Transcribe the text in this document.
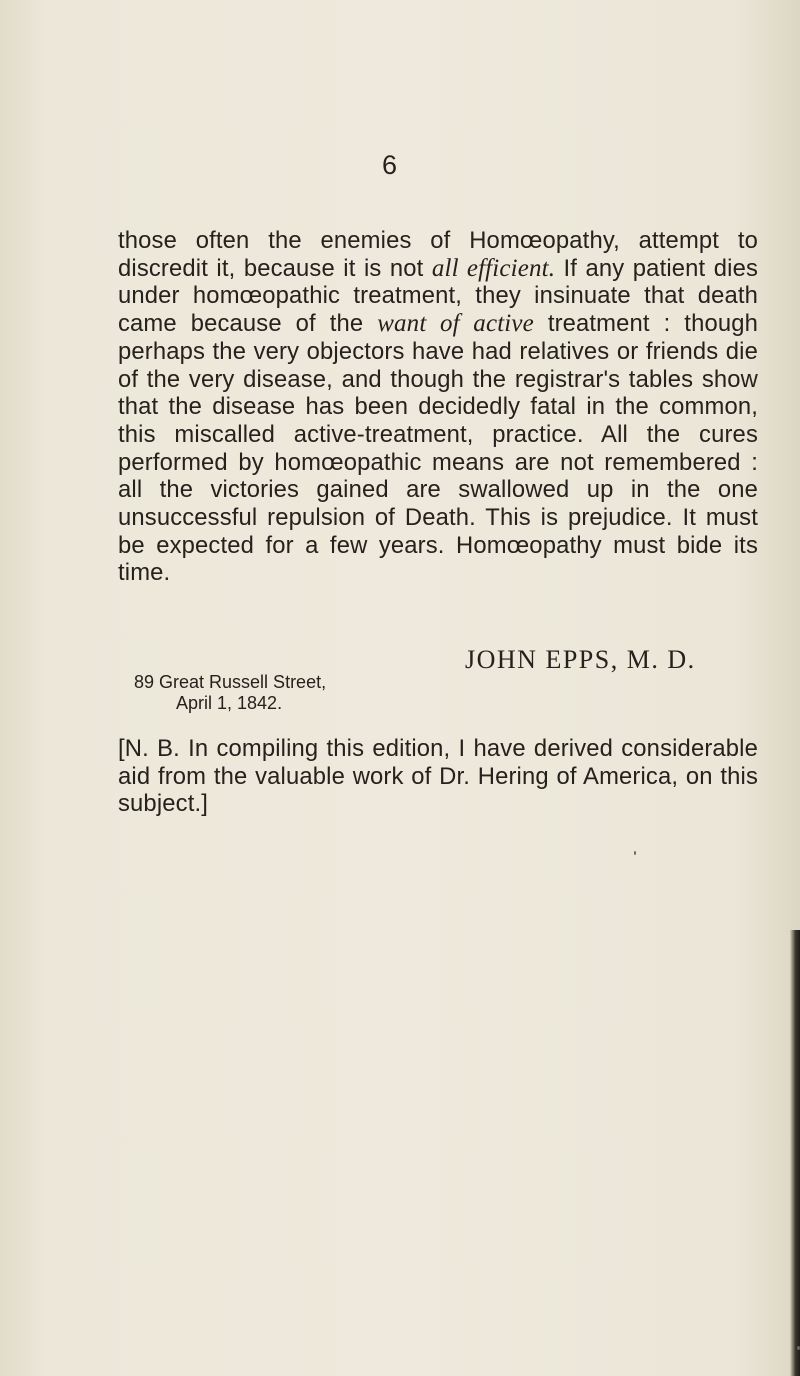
6

those often the enemies of Homœopathy, attempt to discredit it, because it is not all efficient. If any patient dies under homœopathic treatment, they insinuate that death came because of the want of active treatment : though perhaps the very objectors have had relatives or friends die of the very disease, and though the registrar's tables show that the disease has been decidedly fatal in the common, this miscalled active-treatment, practice. All the cures performed by homœopathic means are not remembered : all the victories gained are swallowed up in the one unsuccessful repulsion of Death. This is prejudice. It must be expected for a few years. Homœopathy must bide its time.

JOHN EPPS, M. D.
89 Great Russell Street,
April 1, 1842.

[N. B. In compiling this edition, I have derived considerable aid from the valuable work of Dr. Hering of America, on this subject.]
